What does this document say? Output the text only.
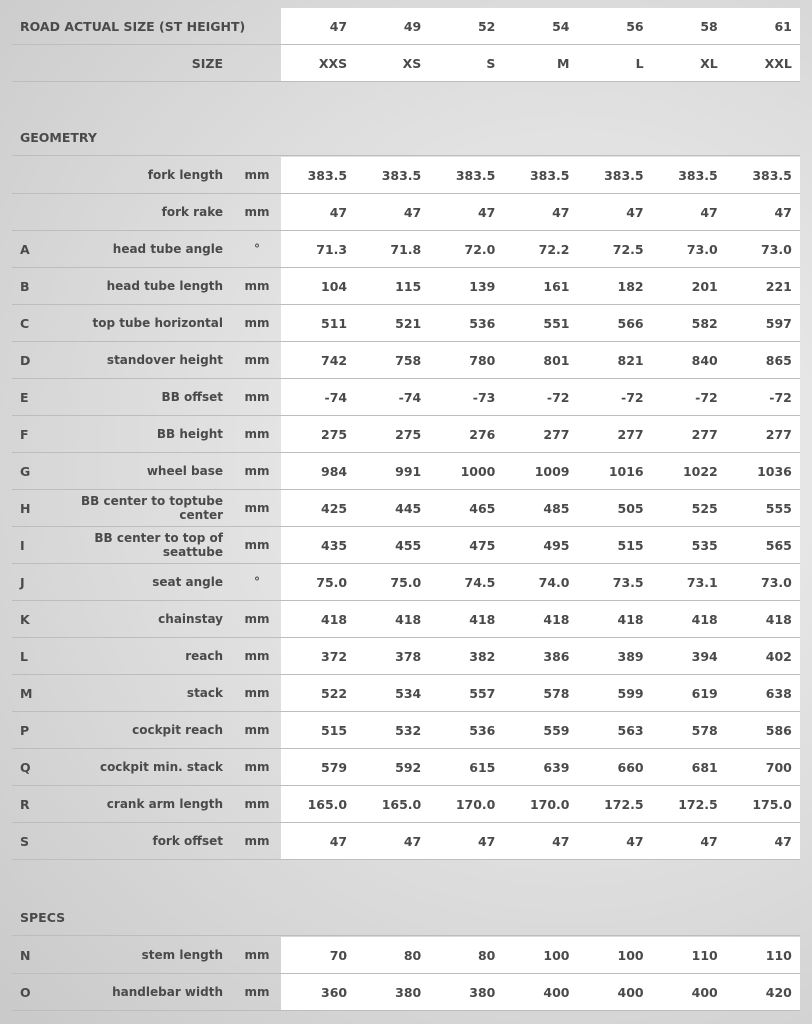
ROAD ACTUAL SIZE (ST HEIGHT)	47	49	52	54	56	58	61
SIZE	XXS	XS	S	M	L	XL	XXL
GEOMETRY
fork length	mm	383.5	383.5	383.5	383.5	383.5	383.5	383.5
fork rake	mm	47	47	47	47	47	47	47
A	head tube angle	°	71.3	71.8	72.0	72.2	72.5	73.0	73.0
B	head tube length	mm	104	115	139	161	182	201	221
C	top tube horizontal	mm	511	521	536	551	566	582	597
D	standover height	mm	742	758	780	801	821	840	865
E	BB offset	mm	-74	-74	-73	-72	-72	-72	-72
F	BB height	mm	275	275	276	277	277	277	277
G	wheel base	mm	984	991	1000	1009	1016	1022	1036
H	BB center to toptube center	mm	425	445	465	485	505	525	555
I	BB center to top of seattube	mm	435	455	475	495	515	535	565
J	seat angle	°	75.0	75.0	74.5	74.0	73.5	73.1	73.0
K	chainstay	mm	418	418	418	418	418	418	418
L	reach	mm	372	378	382	386	389	394	402
M	stack	mm	522	534	557	578	599	619	638
P	cockpit reach	mm	515	532	536	559	563	578	586
Q	cockpit min. stack	mm	579	592	615	639	660	681	700
R	crank arm length	mm	165.0	165.0	170.0	170.0	172.5	172.5	175.0
S	fork offset	mm	47	47	47	47	47	47	47
SPECS
N	stem length	mm	70	80	80	100	100	110	110
O	handlebar width	mm	360	380	380	400	400	400	420
